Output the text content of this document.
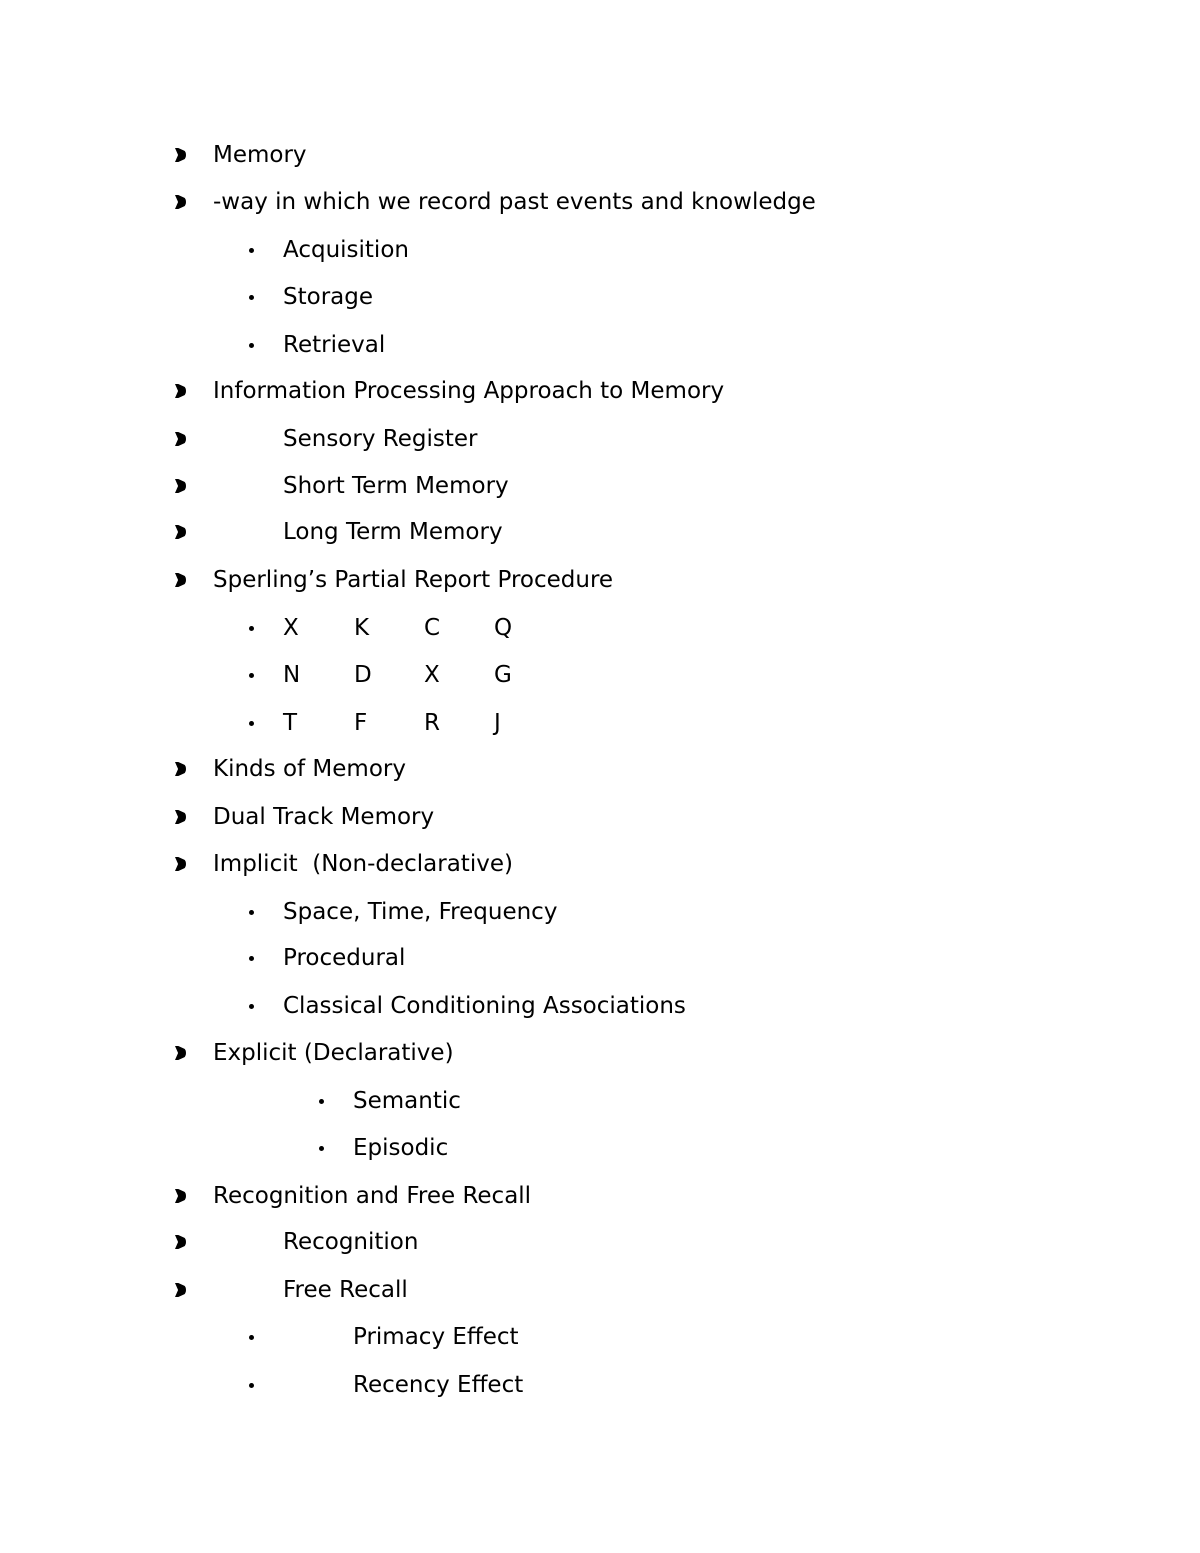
Memory
-way in which we record past events and knowledge
Acquisition
Storage
Retrieval
Information Processing Approach to Memory
Sensory Register
Short Term Memory
Long Term Memory
Sperling’s Partial Report Procedure
X K C Q
N D X G
T F R J
Kinds of Memory
Dual Track Memory
Implicit  (Non-declarative)
Space, Time, Frequency
Procedural
Classical Conditioning Associations
Explicit (Declarative)
Semantic
Episodic
Recognition and Free Recall
Recognition
Free Recall
Primacy Effect
Recency Effect
